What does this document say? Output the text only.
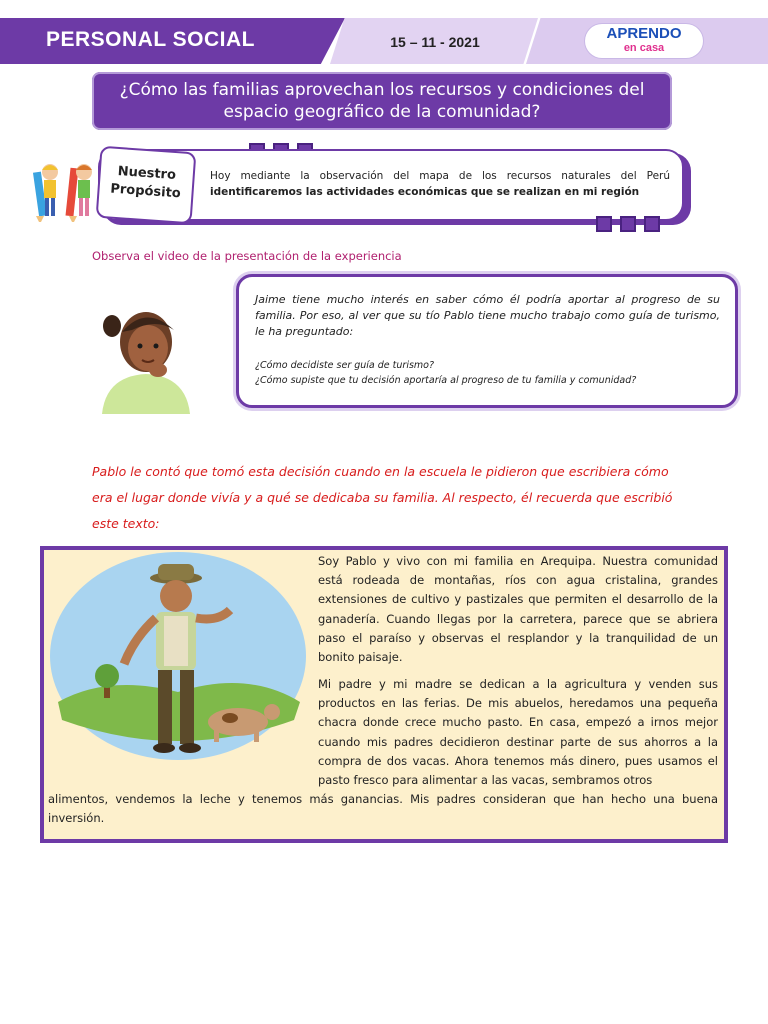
PERSONAL SOCIAL	15 – 11 - 2021	APRENDO
en casa
¿Cómo las familias aprovechan los recursos y condiciones del espacio geográfico de la comunidad?
Nuestro
Propósito
Hoy mediante la observación del mapa de los recursos naturales del Perú identificaremos las actividades económicas que se realizan en mi región
Observa el video de la presentación de la experiencia
Jaime tiene mucho interés en saber cómo él podría aportar al progreso de su familia. Por eso, al ver que su tío Pablo tiene mucho trabajo como guía de turismo, le ha preguntado:
¿Cómo decidiste ser guía de turismo?
¿Cómo supiste que tu decisión aportaría al progreso de tu familia y comunidad?
Pablo le contó que tomó esta decisión cuando en la escuela le pidieron que escribiera cómo era el lugar donde vivía y a qué se dedicaba su familia. Al respecto, él recuerda que escribió este texto:
Soy Pablo y vivo con mi familia en Arequipa. Nuestra comunidad está rodeada de montañas, ríos con agua cristalina, grandes extensiones de cultivo y pastizales que permiten el desarrollo de la ganadería. Cuando llegas por la carretera, parece que se abriera paso el paraíso y observas el resplandor y la tranquilidad de un bonito paisaje.
Mi padre y mi madre se dedican a la agricultura y venden sus productos en las ferias. De mis abuelos, heredamos una pequeña chacra donde crece mucho pasto. En casa, empezó a irnos mejor cuando mis padres decidieron destinar parte de sus ahorros a la compra de dos vacas. Ahora tenemos más dinero, pues usamos el pasto fresco para alimentar a las vacas, sembramos otros
alimentos, vendemos la leche y tenemos más ganancias. Mis padres consideran que han hecho una buena inversión.
